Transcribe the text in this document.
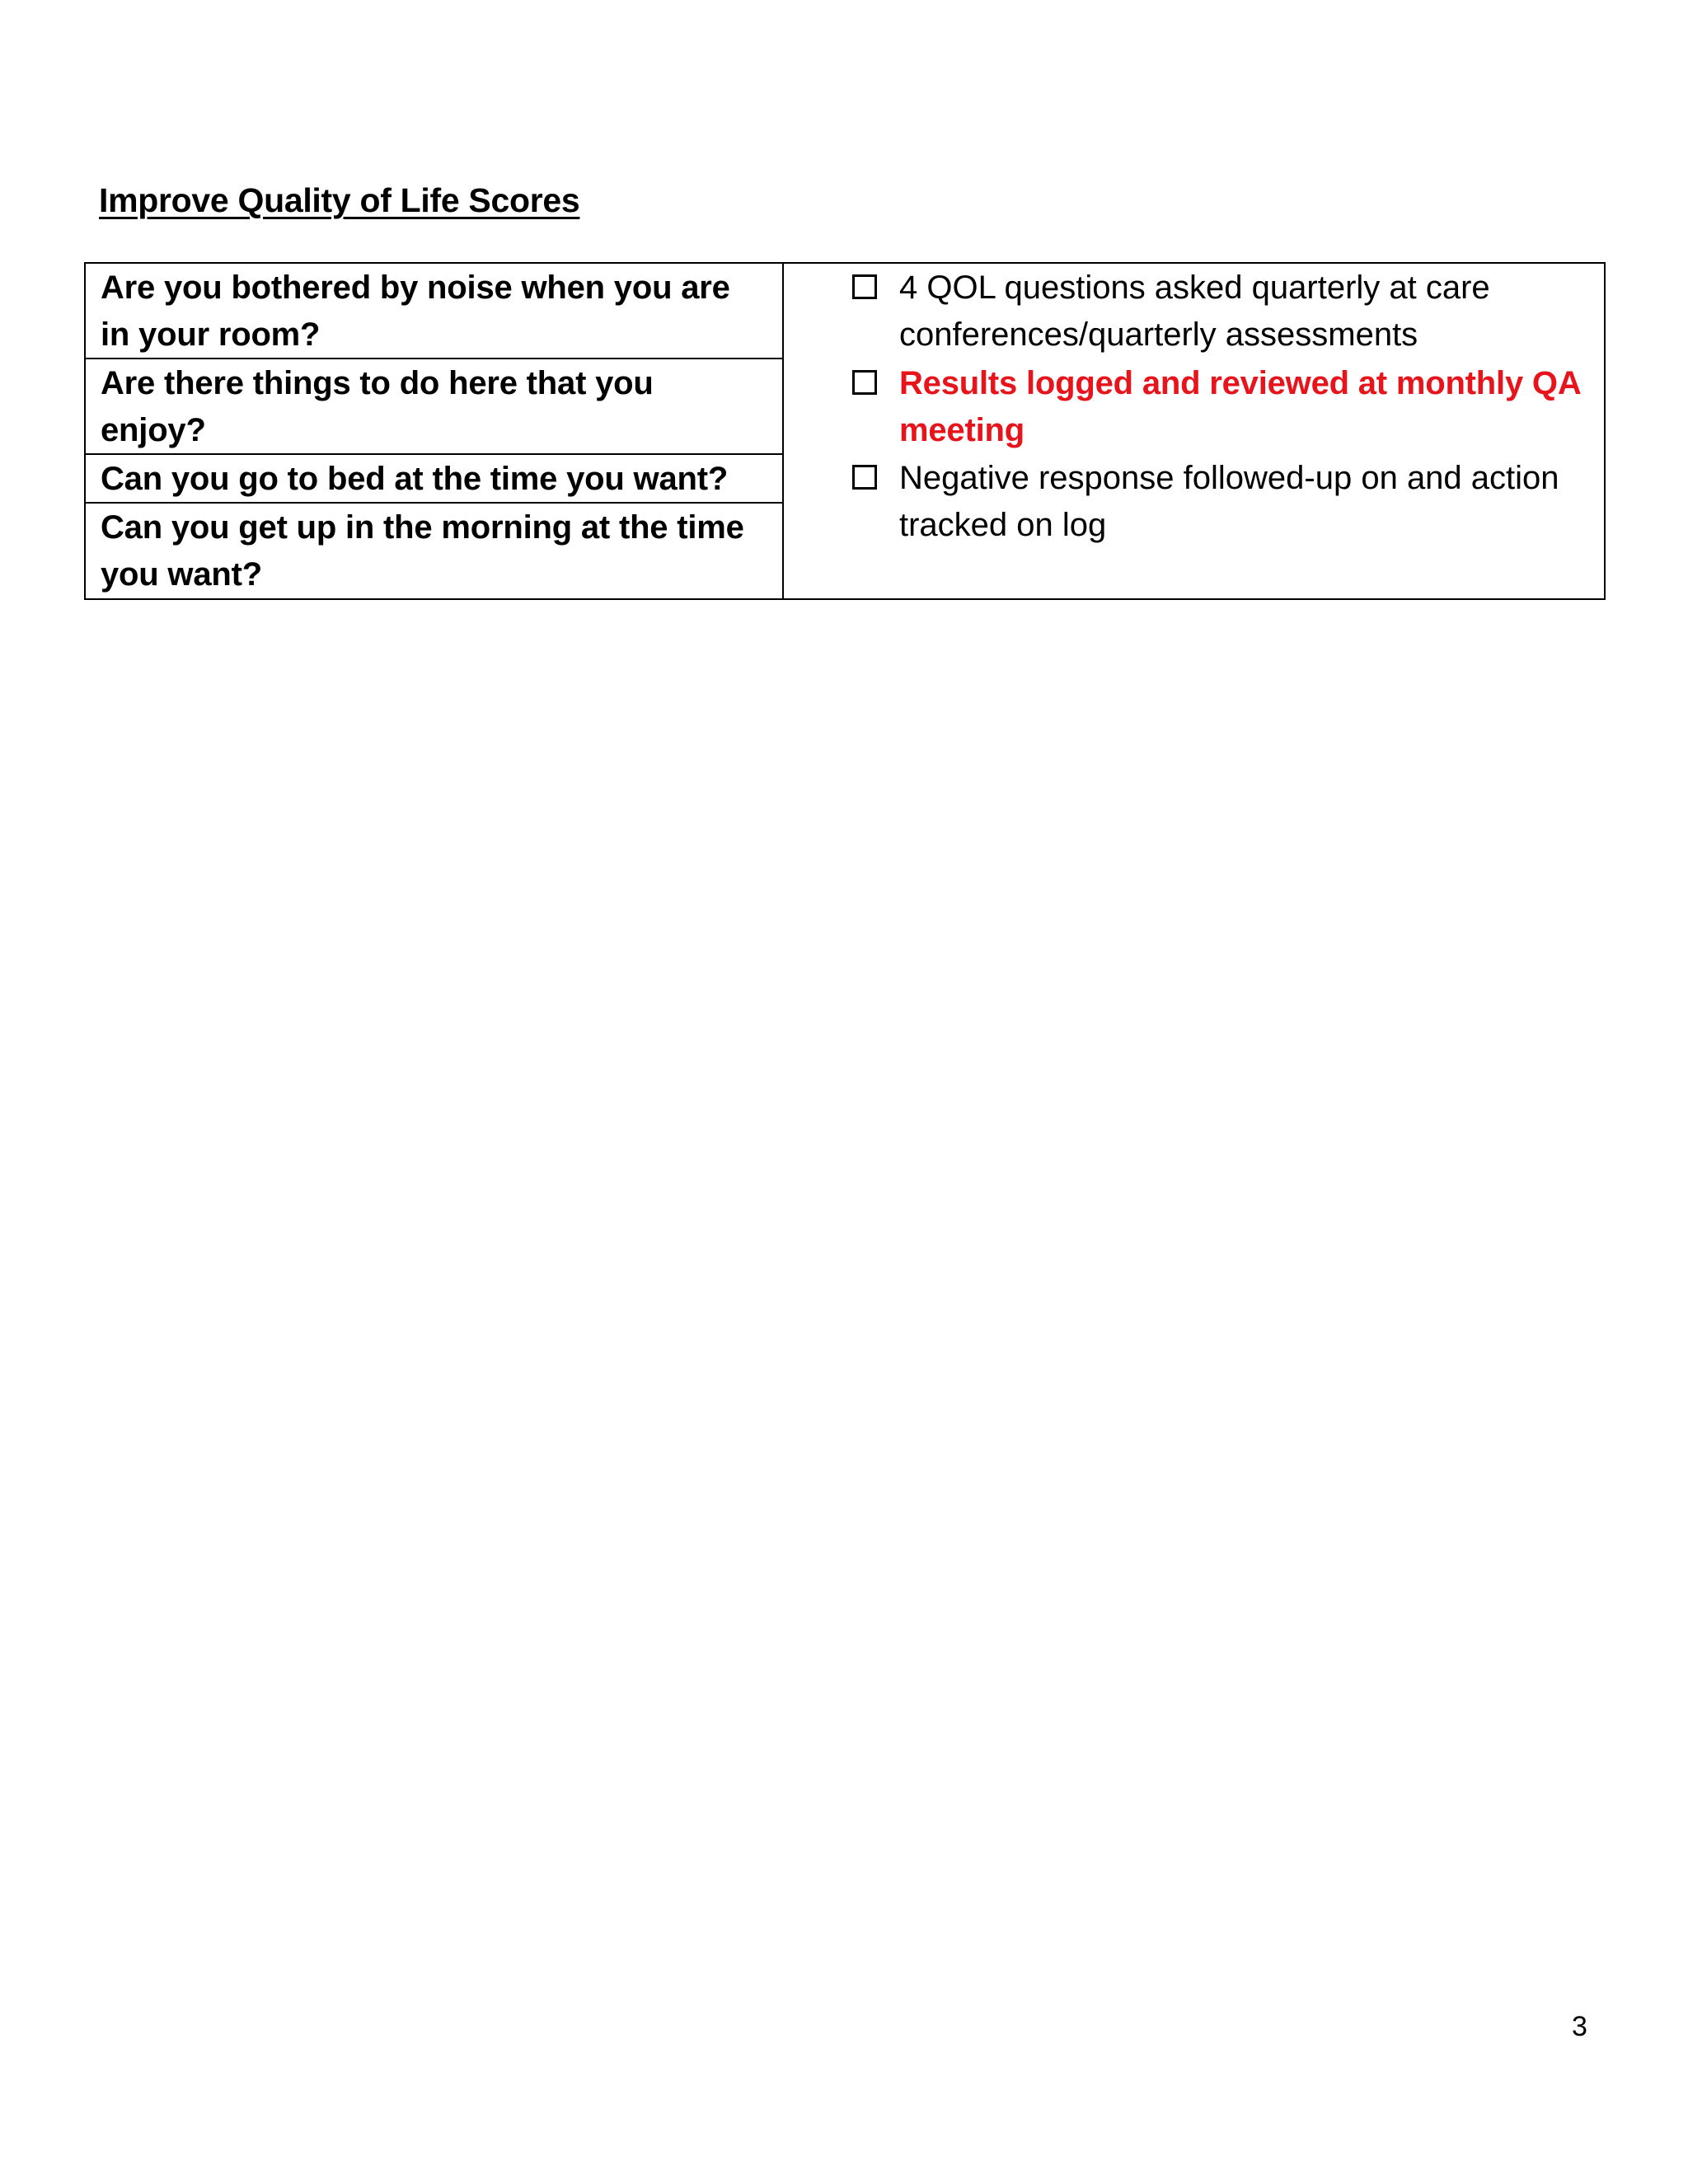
Improve Quality of Life Scores
Are you bothered by noise when you are in your room?
Are there things to do here that you enjoy?
Can you go to bed at the time you want?
Can you get up in the morning at the time you want?
4 QOL questions asked quarterly at care conferences/quarterly assessments
Results logged and reviewed at monthly QA meeting
Negative response followed-up on and action tracked on log
3
